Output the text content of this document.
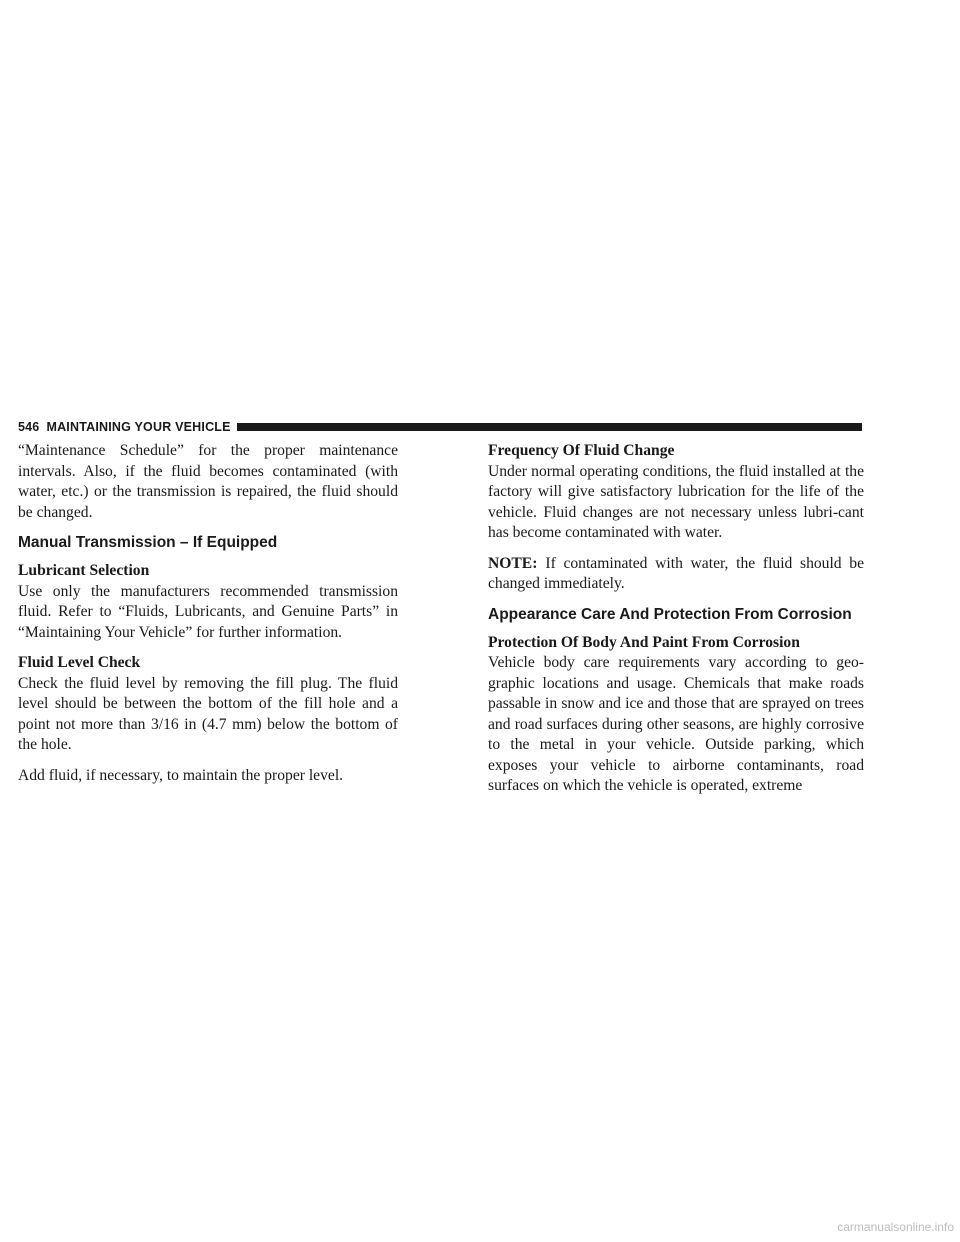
546 MAINTAINING YOUR VEHICLE

“Maintenance Schedule” for the proper maintenance intervals. Also, if the fluid becomes contaminated (with water, etc.) or the transmission is repaired, the fluid should be changed.

Manual Transmission – If Equipped
Lubricant Selection

Use only the manufacturers recommended transmission fluid. Refer to “Fluids, Lubricants, and Genuine Parts” in “Maintaining Your Vehicle” for further information.

Fluid Level Check

Check the fluid level by removing the fill plug. The fluid level should be between the bottom of the fill hole and a point not more than 3/16 in (4.7 mm) below the bottom of the hole.

Add fluid, if necessary, to maintain the proper level.

Frequency Of Fluid Change

Under normal operating conditions, the fluid installed at the factory will give satisfactory lubrication for the life of the vehicle. Fluid changes are not necessary unless lubri-cant has become contaminated with water.

NOTE: If contaminated with water, the fluid should be changed immediately.

Appearance Care And Protection From Corrosion
Protection Of Body And Paint From Corrosion

Vehicle body care requirements vary according to geo-graphic locations and usage. Chemicals that make roads passable in snow and ice and those that are sprayed on trees and road surfaces during other seasons, are highly corrosive to the metal in your vehicle. Outside parking, which exposes your vehicle to airborne contaminants, road surfaces on which the vehicle is operated, extreme

carmanualsonline.info
